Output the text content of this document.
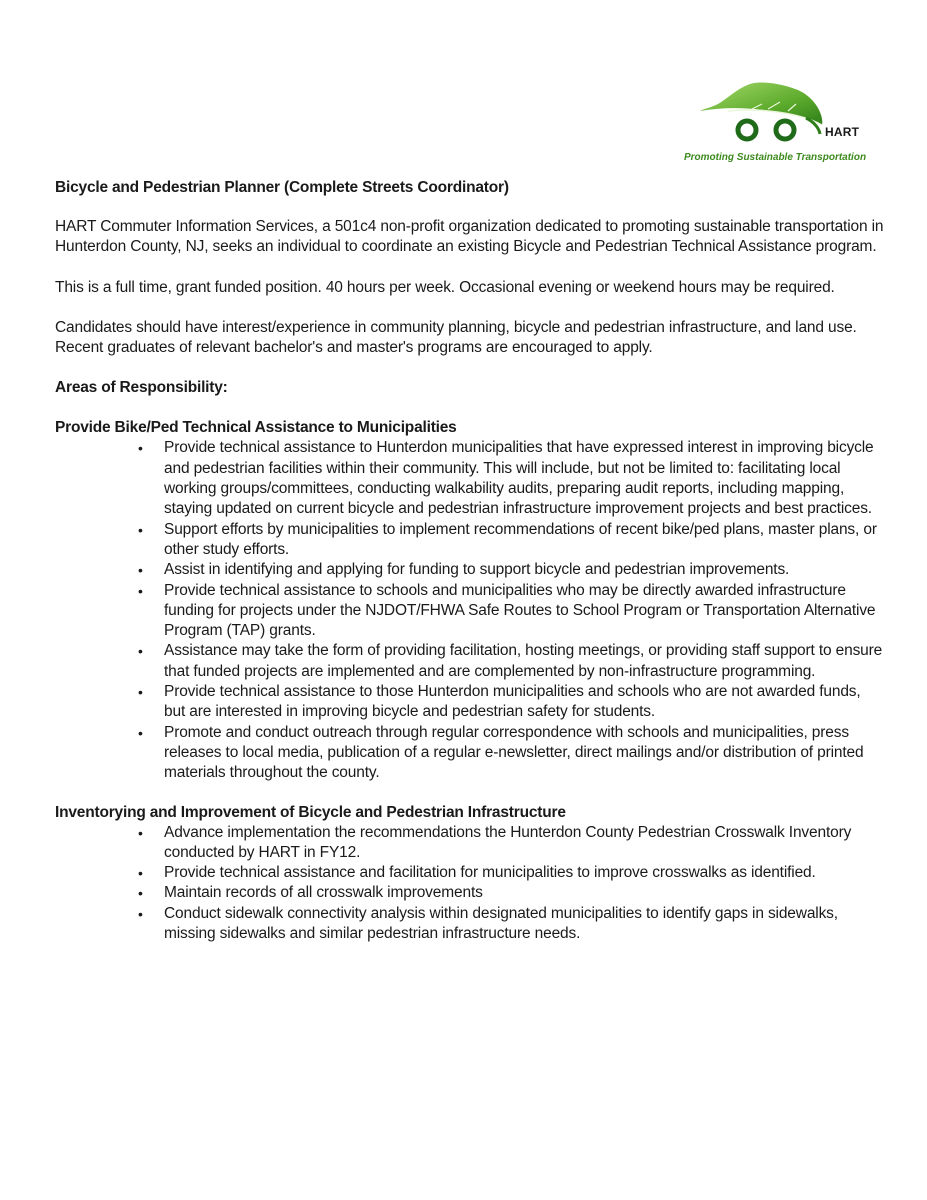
HART
Promoting Sustainable Transportation
Bicycle and Pedestrian Planner (Complete Streets Coordinator)

HART Commuter Information Services, a 501c4 non-profit organization dedicated to promoting sustainable transportation in Hunterdon County, NJ, seeks an individual to coordinate an existing Bicycle and Pedestrian Technical Assistance program.

This is a full time, grant funded position. 40 hours per week. Occasional evening or weekend hours may be required.

Candidates should have interest/experience in community planning, bicycle and pedestrian infrastructure, and land use. Recent graduates of relevant bachelor's and master's programs are encouraged to apply.

Areas of Responsibility:
Provide Bike/Ped Technical Assistance to Municipalities
• Provide technical assistance to Hunterdon municipalities that have expressed interest in improving bicycle and pedestrian facilities within their community. This will include, but not be limited to: facilitating local working groups/committees, conducting walkability audits, preparing audit reports, including mapping, staying updated on current bicycle and pedestrian infrastructure improvement projects and best practices.
• Support efforts by municipalities to implement recommendations of recent bike/ped plans, master plans, or other study efforts.
• Assist in identifying and applying for funding to support bicycle and pedestrian improvements.
• Provide technical assistance to schools and municipalities who may be directly awarded infrastructure funding for projects under the NJDOT/FHWA Safe Routes to School Program or Transportation Alternative Program (TAP) grants.
• Assistance may take the form of providing facilitation, hosting meetings, or providing staff support to ensure that funded projects are implemented and are complemented by non-infrastructure programming.
• Provide technical assistance to those Hunterdon municipalities and schools who are not awarded funds, but are interested in improving bicycle and pedestrian safety for students.
• Promote and conduct outreach through regular correspondence with schools and municipalities, press releases to local media, publication of a regular e-newsletter, direct mailings and/or distribution of printed materials throughout the county.
Inventorying and Improvement of Bicycle and Pedestrian Infrastructure
• Advance implementation the recommendations the Hunterdon County Pedestrian Crosswalk Inventory conducted by HART in FY12.
• Provide technical assistance and facilitation for municipalities to improve crosswalks as identified.
• Maintain records of all crosswalk improvements
• Conduct sidewalk connectivity analysis within designated municipalities to identify gaps in sidewalks, missing sidewalks and similar pedestrian infrastructure needs.
